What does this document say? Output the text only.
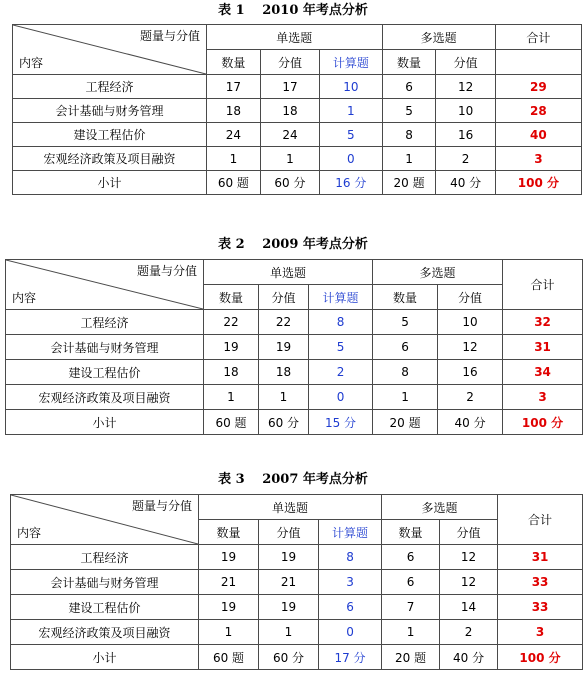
表 1　 2010 年考点分析
题量与分值
内容	单选题			多选题		合计
	数量	分值	计算题	数量	分值	
工程经济	17	17	10	6	12	29
会计基础与财务管理	18	18	1	5	10	28
建设工程估价	24	24	5	8	16	40
宏观经济政策及项目融资	1	1	0	1	2	3
小计	60 题	60 分	16 分	20 题	40 分	100 分
表 2　 2009 年考点分析
题量与分值
内容	单选题			多选题		合计
	数量	分值	计算题	数量	分值	
工程经济	22	22	8	5	10	32
会计基础与财务管理	19	19	5	6	12	31
建设工程估价	18	18	2	8	16	34
宏观经济政策及项目融资	1	1	0	1	2	3
小计	60 题	60 分	15 分	20 题	40 分	100 分
表 3　 2007 年考点分析
题量与分值
内容	单选题			多选题		合计
	数量	分值	计算题	数量	分值	
工程经济	19	19	8	6	12	31
会计基础与财务管理	21	21	3	6	12	33
建设工程估价	19	19	6	7	14	33
宏观经济政策及项目融资	1	1	0	1	2	3
小计	60 题	60 分	17 分	20 题	40 分	100 分
